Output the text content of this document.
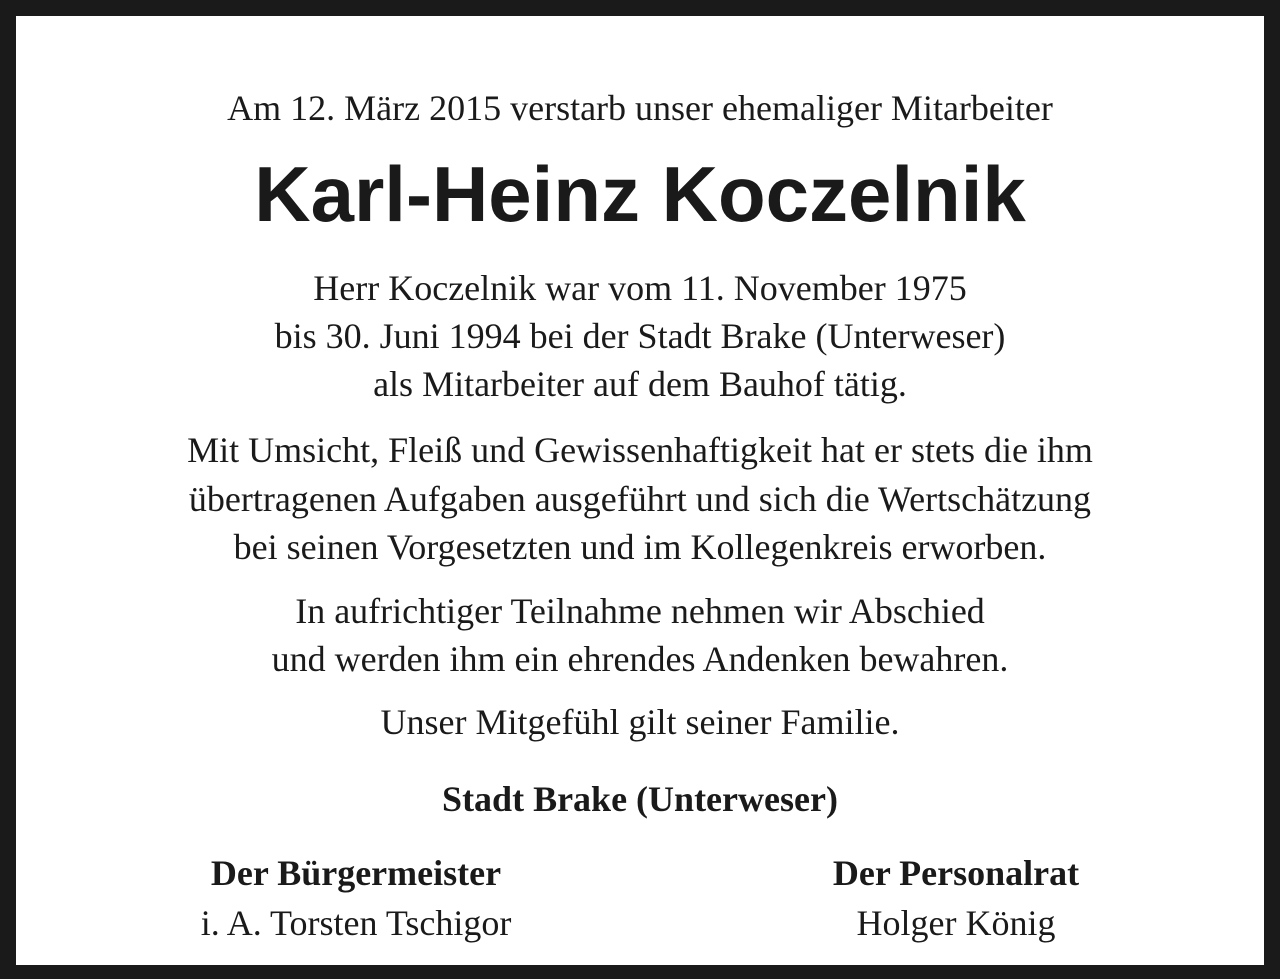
Am 12. März 2015 verstarb unser ehemaliger Mitarbeiter
Karl-Heinz Koczelnik
Herr Koczelnik war vom 11. November 1975
bis 30. Juni 1994 bei der Stadt Brake (Unterweser)
als Mitarbeiter auf dem Bauhof tätig.
Mit Umsicht, Fleiß und Gewissenhaftigkeit hat er stets die ihm
übertragenen Aufgaben ausgeführt und sich die Wertschätzung
bei seinen Vorgesetzten und im Kollegenkreis erworben.
In aufrichtiger Teilnahme nehmen wir Abschied
und werden ihm ein ehrendes Andenken bewahren.
Unser Mitgefühl gilt seiner Familie.
Stadt Brake (Unterweser)
Der Bürgermeister
i. A. Torsten Tschigor
Der Personalrat
Holger König
